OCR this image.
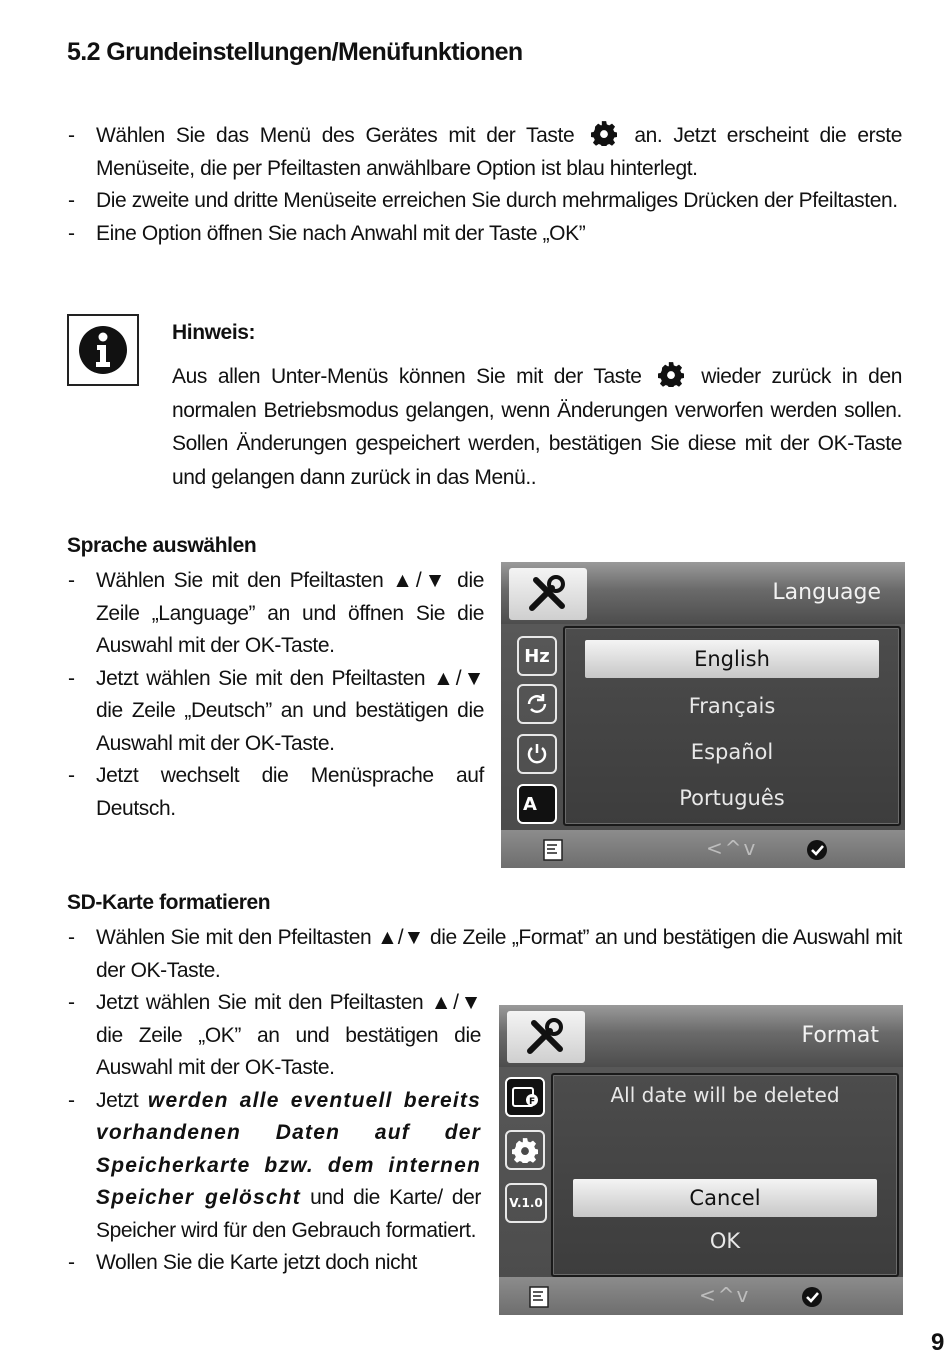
5.2 Grundeinstellungen/Menüfunktionen
- Wählen Sie das Menü des Gerätes mit der Taste	an. Jetzt erscheint die erste Menüseite, die per Pfeiltasten anwählbare Option ist blau hinterlegt.
- Die zweite und dritte Menüseite erreichen Sie durch mehrmaliges Drücken der Pfeiltasten.
- Eine Option öffnen Sie nach Anwahl mit der Taste „OK”
Hinweis:
Aus allen Unter-Menüs können Sie mit der Taste	wieder zurück in den normalen Betriebsmodus gelangen, wenn Änderungen verworfen werden sollen. Sollen Änderungen gespeichert werden, bestätigen Sie diese mit der OK-Taste und gelangen dann zurück in das Menü..
Sprache auswählen
- Wählen Sie mit den Pfeiltasten ▲/▼ die Zeile „Language” an und öffnen Sie die Auswahl mit der OK-Taste.
- Jetzt wählen Sie mit den Pfeiltasten ▲/▼ die Zeile „Deutsch” an und bestätigen die Auswahl mit der OK-Taste.
- Jetzt wechselt die Menüsprache auf Deutsch.
Language
Hz
A
English
Français
Español
Português
<^v
SD-Karte formatieren
- Wählen Sie mit den Pfeiltasten ▲/▼ die Zeile „Format” an und bestätigen die Auswahl mit der OK-Taste.
- Jetzt wählen Sie mit den Pfeiltasten ▲/▼ die Zeile „OK” an und bestätigen die Auswahl mit der OK-Taste.
- Jetzt werden alle eventuell bereits vorhandenen Daten auf der Speicherkarte bzw. dem internen Speicher gelöscht und die Karte/ der Speicher wird für den Gebrauch formatiert.
- Wollen Sie die Karte jetzt doch nicht
Format
F
V.1.0
All date will be deleted
Cancel
OK
<^v
9
